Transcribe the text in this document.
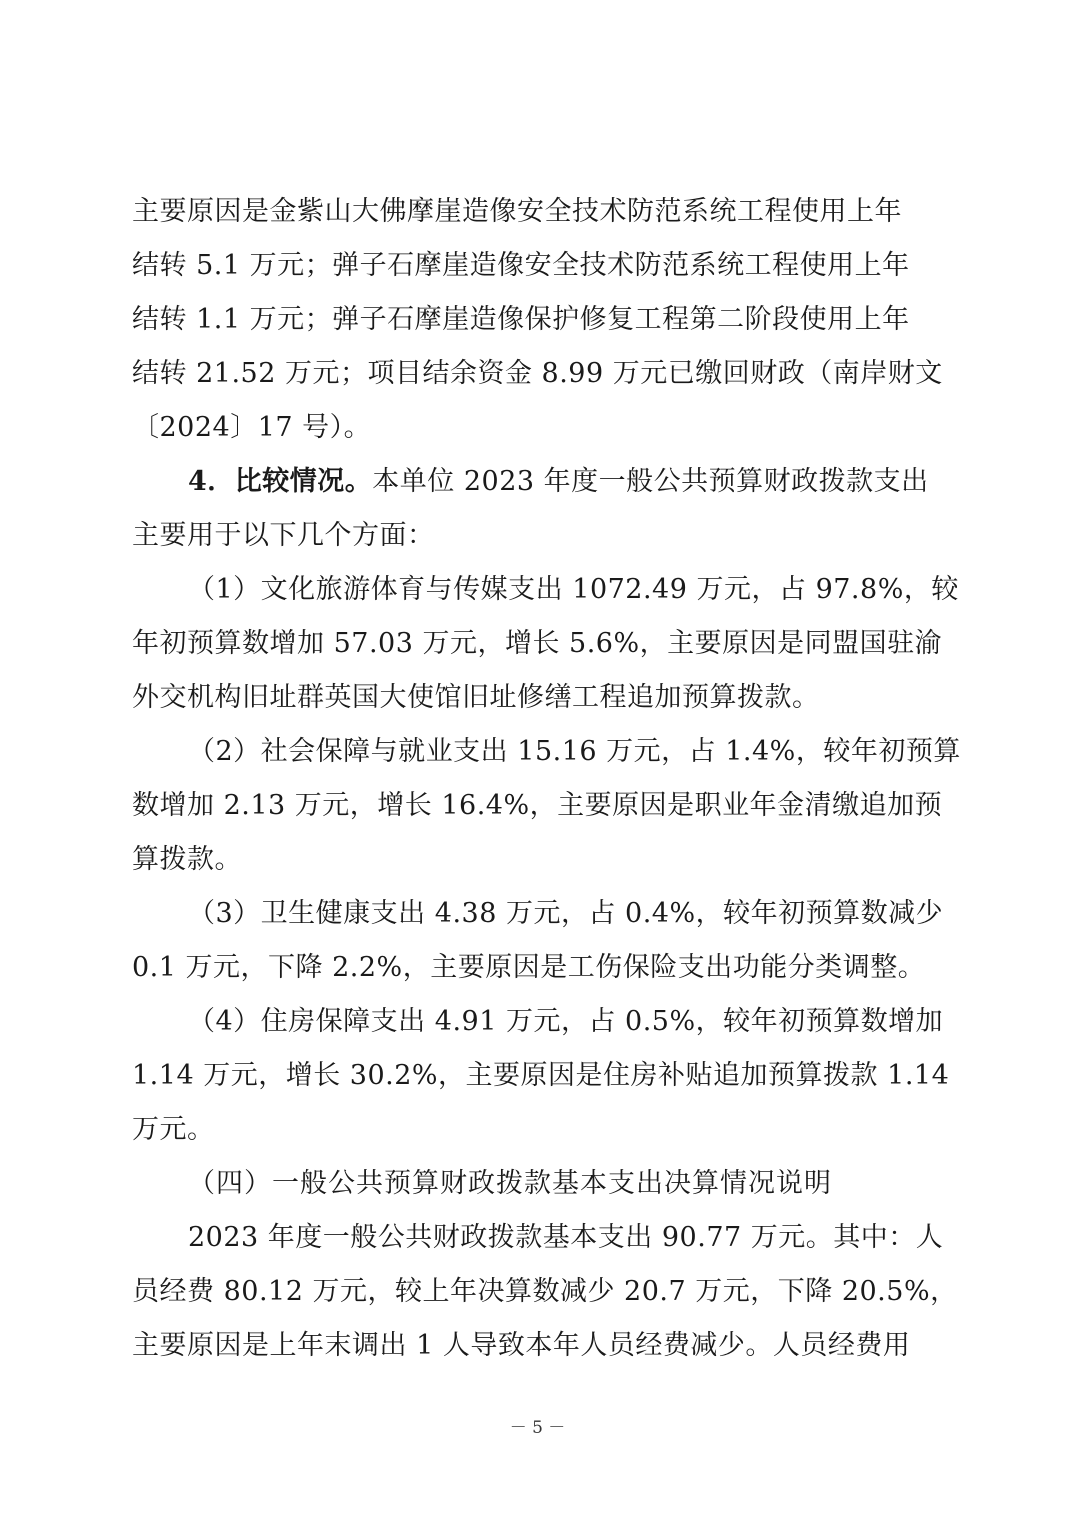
主要原因是金紫山大佛摩崖造像安全技术防范系统工程使用上年
结转 5.1 万元；弹子石摩崖造像安全技术防范系统工程使用上年
结转 1.1 万元；弹子石摩崖造像保护修复工程第二阶段使用上年
结转 21.52 万元；项目结余资金 8.99 万元已缴回财政（南岸财文
〔2024〕17 号）。
4．比较情况。本单位 2023 年度一般公共预算财政拨款支出
主要用于以下几个方面：
（1）文化旅游体育与传媒支出 1072.49 万元，占 97.8%，较
年初预算数增加 57.03 万元，增长 5.6%，主要原因是同盟国驻渝
外交机构旧址群英国大使馆旧址修缮工程追加预算拨款。
（2）社会保障与就业支出 15.16 万元，占 1.4%，较年初预算
数增加 2.13 万元，增长 16.4%，主要原因是职业年金清缴追加预
算拨款。
（3）卫生健康支出 4.38 万元，占 0.4%，较年初预算数减少
0.1 万元，下降 2.2%，主要原因是工伤保险支出功能分类调整。
（4）住房保障支出 4.91 万元，占 0.5%，较年初预算数增加
1.14 万元，增长 30.2%，主要原因是住房补贴追加预算拨款 1.14
万元。
（四）一般公共预算财政拨款基本支出决算情况说明
2023 年度一般公共财政拨款基本支出 90.77 万元。其中：人
员经费 80.12 万元，较上年决算数减少 20.7 万元，下降 20.5%，
主要原因是上年末调出 1 人导致本年人员经费减少。人员经费用
－ 5 －
